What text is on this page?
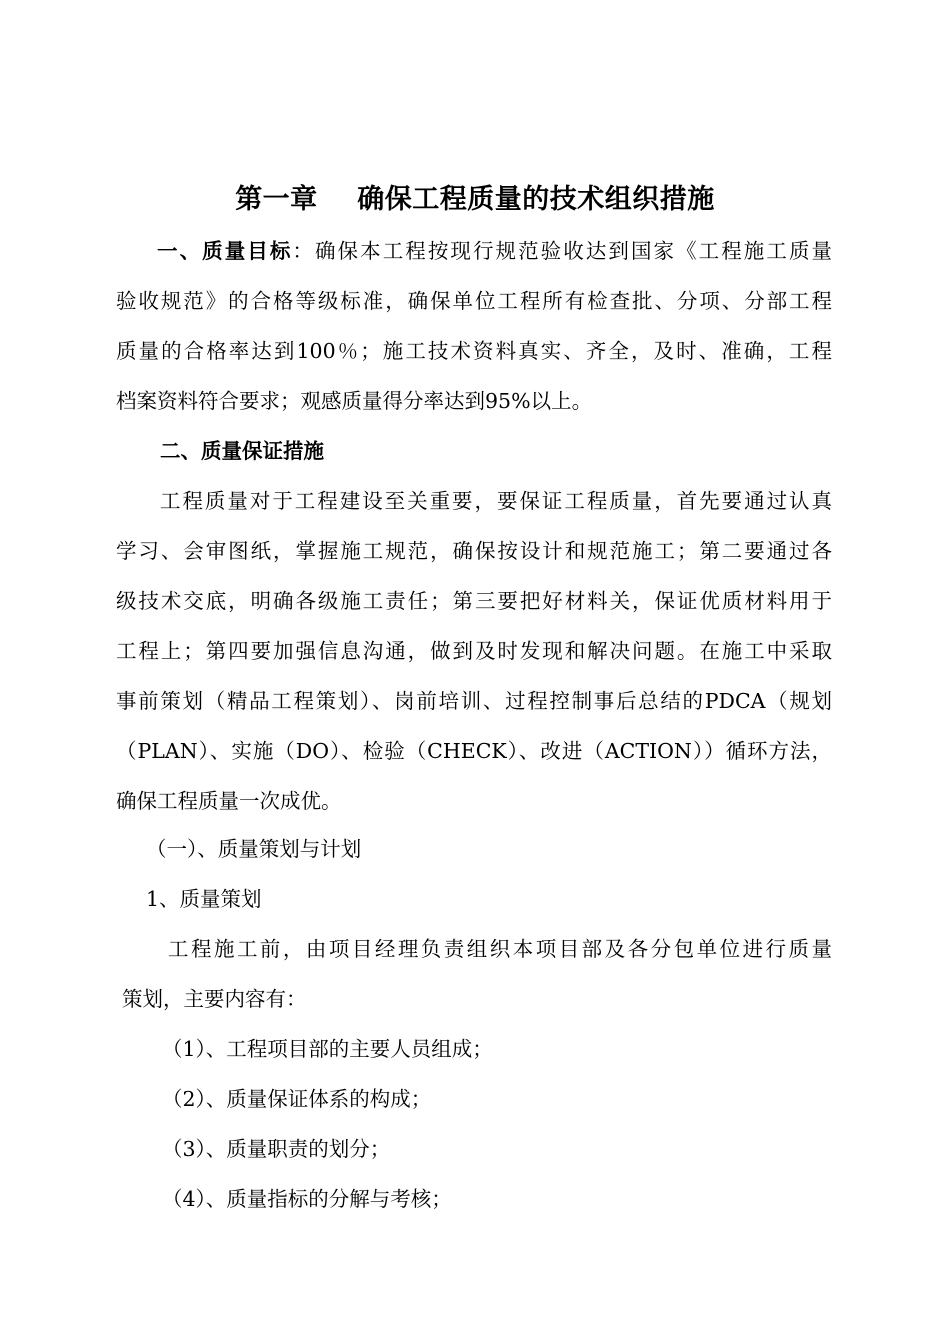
第一章    确保工程质量的技术组织措施
一、质量目标：确保本工程按现行规范验收达到国家《工程施工质量
验收规范》的合格等级标准，确保单位工程所有检查批、分项、分部工程
质量的合格率达到100％；施工技术资料真实、齐全，及时、准确，工程
档案资料符合要求；观感质量得分率达到95%以上。
二、质量保证措施
工程质量对于工程建设至关重要，要保证工程质量，首先要通过认真
学习、会审图纸，掌握施工规范，确保按设计和规范施工；第二要通过各
级技术交底，明确各级施工责任；第三要把好材料关，保证优质材料用于
工程上；第四要加强信息沟通，做到及时发现和解决问题。在施工中采取
事前策划（精品工程策划）、岗前培训、过程控制事后总结的PDCA（规划
（PLAN）、实施（DO）、检验（CHECK）、改进（ACTION））循环方法，
确保工程质量一次成优。
（一）、质量策划与计划
1、质量策划
工程施工前，由项目经理负责组织本项目部及各分包单位进行质量
策划，主要内容有：
（1）、工程项目部的主要人员组成；
（2）、质量保证体系的构成；
（3）、质量职责的划分；
（4）、质量指标的分解与考核；
